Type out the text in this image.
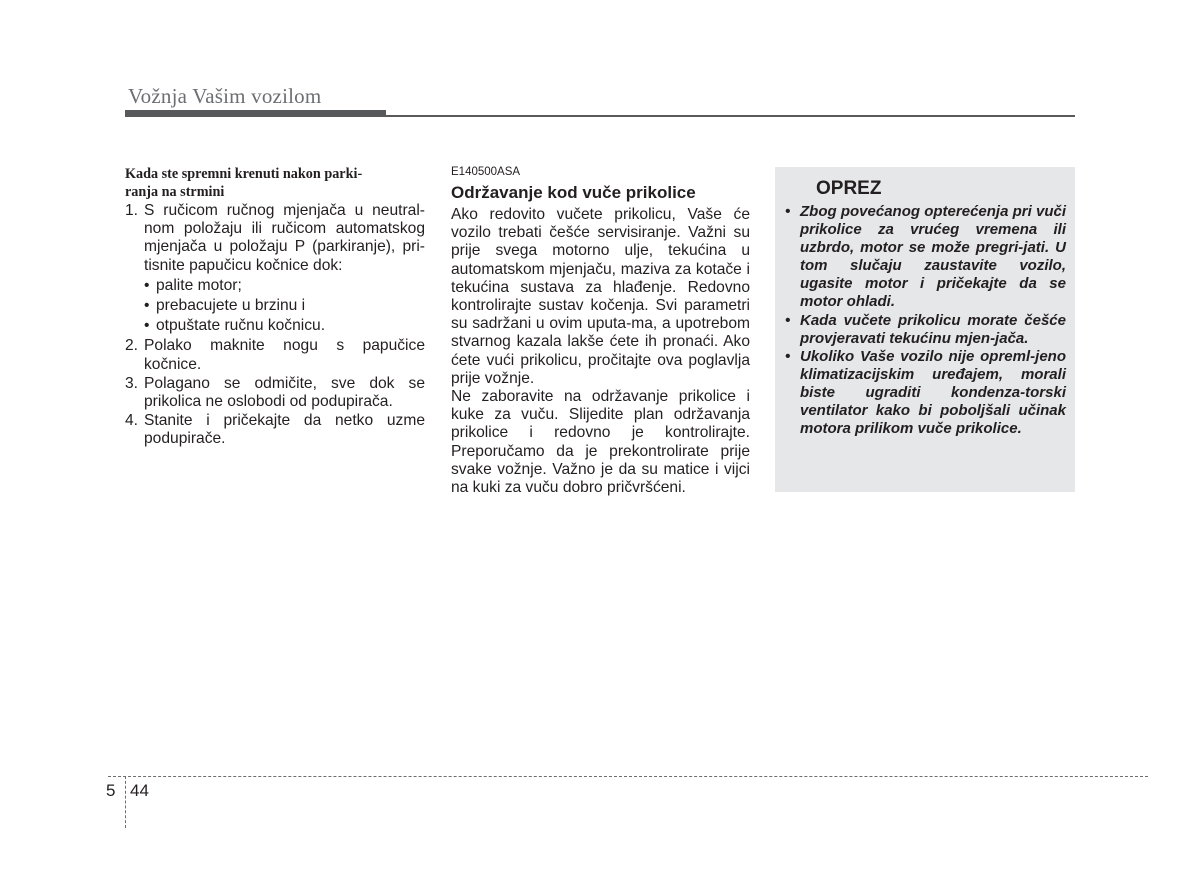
Vožnja Vašim vozilom
Kada ste spremni krenuti nakon parki-
ranja na strmini
1. S ručicom ručnog mjenjača u neutral-nom položaju ili ručicom automatskog mjenjača u položaju P (parkiranje), pri-tisnite papučicu kočnice dok:
• palite motor;
• prebacujete u brzinu i
• otpuštate ručnu kočnicu.
2. Polako maknite nogu s papučice kočnice.
3. Polagano se odmičite, sve dok se prikolica ne oslobodi od podupirača.
4. Stanite i pričekajte da netko uzme podupirače.
E140500ASA
Održavanje kod vuče prikolice
Ako redovito vučete prikolicu, Vaše će vozilo trebati češće servisiranje. Važni su prije svega motorno ulje, tekućina u automatskom mjenjaču, maziva za kotače i tekućina sustava za hlađenje. Redovno kontrolirajte sustav kočenja. Svi parametri su sadržani u ovim uputa-ma, a upotrebom stvarnog kazala lakše ćete ih pronaći. Ako ćete vući prikolicu, pročitajte ova poglavlja prije vožnje.
Ne zaboravite na održavanje prikolice i kuke za vuču. Slijedite plan održavanja prikolice i redovno je kontrolirajte. Preporučamo da je prekontrolirate prije svake vožnje. Važno je da su matice i vijci na kuki za vuču dobro pričvršćeni.
OPREZ
• Zbog povećanog opterećenja pri vuči prikolice za vrućeg vremena ili uzbrdo, motor se može pregri-jati. U tom slučaju zaustavite vozilo, ugasite motor i pričekajte da se motor ohladi.
• Kada vučete prikolicu morate češće provjeravati tekućinu mjen-jača.
• Ukoliko Vaše vozilo nije opreml-jeno klimatizacijskim uređajem, morali biste ugraditi kondenza-torski ventilator kako bi poboljšali učinak motora prilikom vuče prikolice.
5 44
